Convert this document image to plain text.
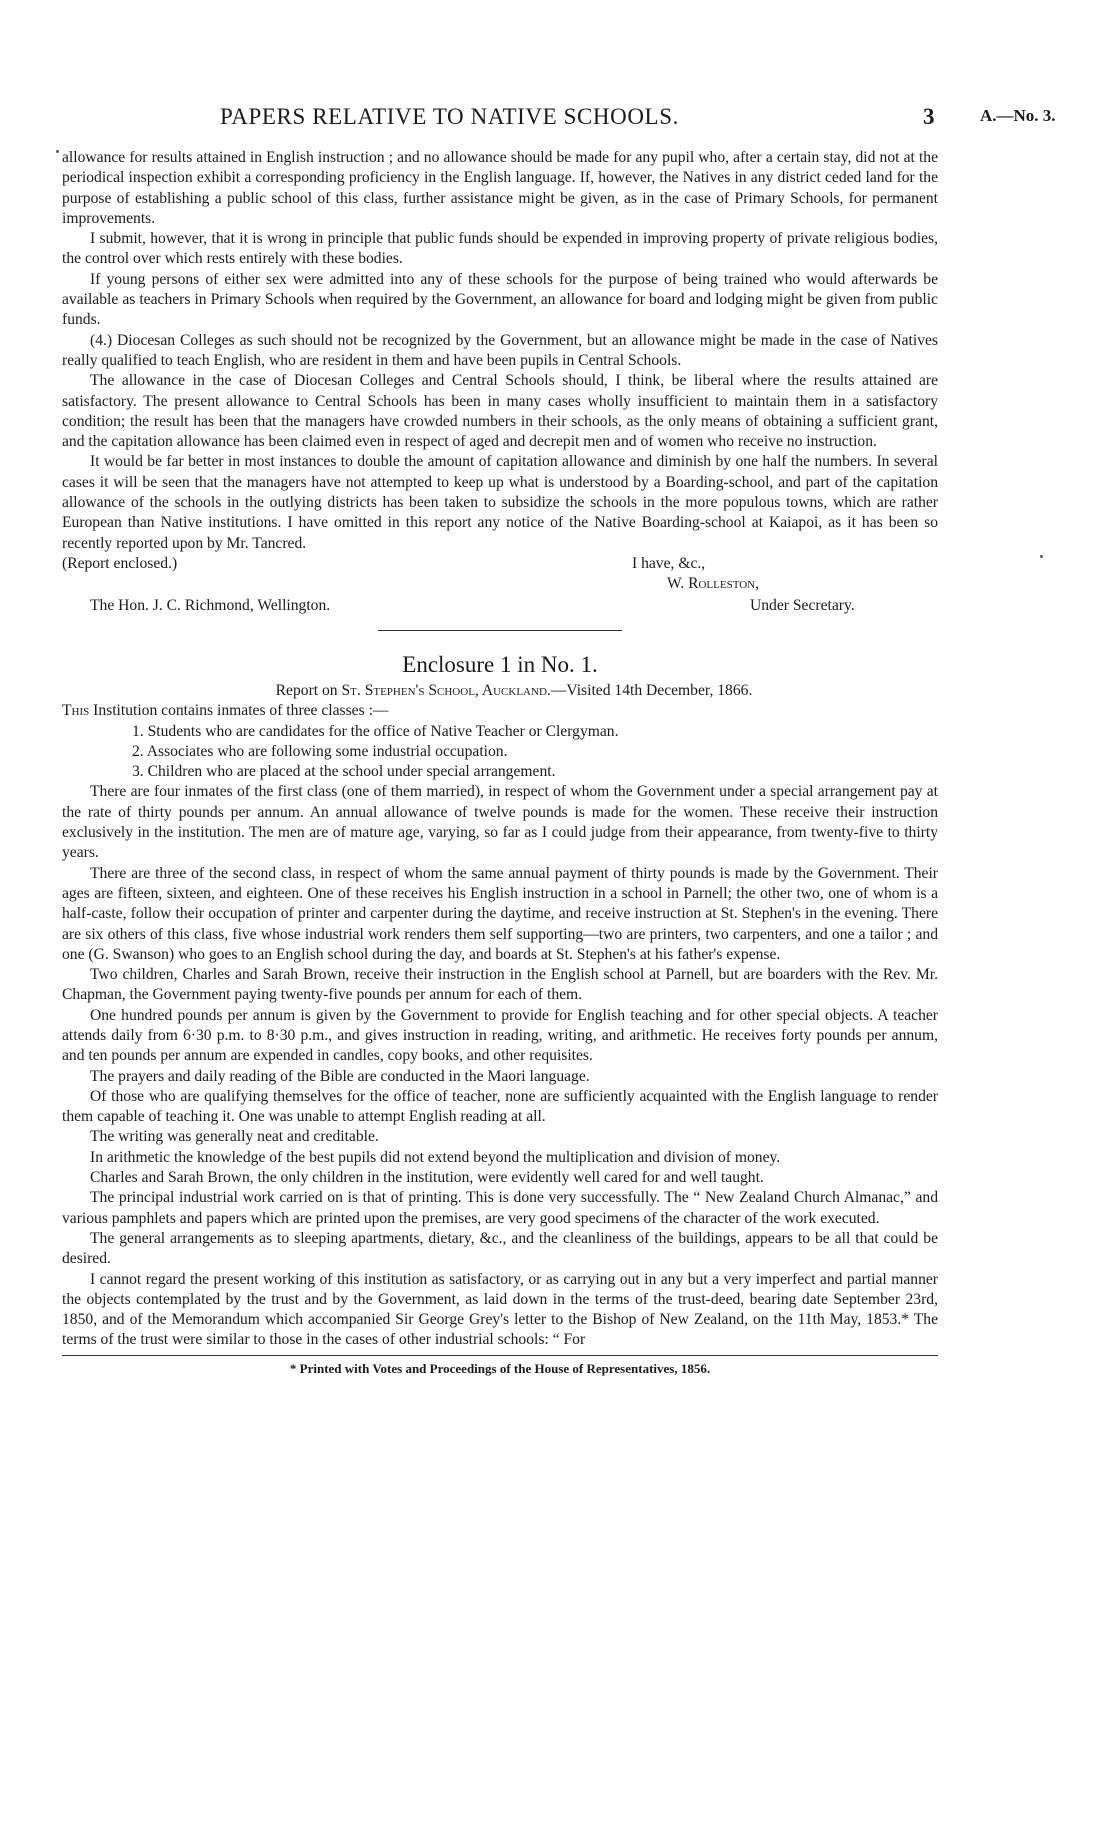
PAPERS RELATIVE TO NATIVE SCHOOLS.	3	A.—No. 3.

allowance for results attained in English instruction ; and no allowance should be made for any pupil who, after a certain stay, did not at the periodical inspection exhibit a corresponding proficiency in the English language. If, however, the Natives in any district ceded land for the purpose of establishing a public school of this class, further assistance might be given, as in the case of Primary Schools, for permanent improvements.

I submit, however, that it is wrong in principle that public funds should be expended in improving property of private religious bodies, the control over which rests entirely with these bodies.

If young persons of either sex were admitted into any of these schools for the purpose of being trained who would afterwards be available as teachers in Primary Schools when required by the Government, an allowance for board and lodging might be given from public funds.

(4.) Diocesan Colleges as such should not be recognized by the Government, but an allowance might be made in the case of Natives really qualified to teach English, who are resident in them and have been pupils in Central Schools.

The allowance in the case of Diocesan Colleges and Central Schools should, I think, be liberal where the results attained are satisfactory. The present allowance to Central Schools has been in many cases wholly insufficient to maintain them in a satisfactory condition; the result has been that the managers have crowded numbers in their schools, as the only means of obtaining a sufficient grant, and the capitation allowance has been claimed even in respect of aged and decrepit men and of women who receive no instruction.

It would be far better in most instances to double the amount of capitation allowance and diminish by one half the numbers. In several cases it will be seen that the managers have not attempted to keep up what is understood by a Boarding-school, and part of the capitation allowance of the schools in the outlying districts has been taken to subsidize the schools in the more populous towns, which are rather European than Native institutions. I have omitted in this report any notice of the Native Boarding-school at Kaiapoi, as it has been so recently reported upon by Mr. Tancred.

(Report enclosed.)	I have, &c.,
W. Rolleston,
The Hon. J. C. Richmond, Wellington.	Under Secretary.
Enclosure 1 in No. 1.

Report on St. Stephen's School, Auckland.—Visited 14th December, 1866.

This Institution contains inmates of three classes :—

1. Students who are candidates for the office of Native Teacher or Clergyman.
2. Associates who are following some industrial occupation.
3. Children who are placed at the school under special arrangement.

There are four inmates of the first class (one of them married), in respect of whom the Government under a special arrangement pay at the rate of thirty pounds per annum. An annual allowance of twelve pounds is made for the women. These receive their instruction exclusively in the institution. The men are of mature age, varying, so far as I could judge from their appearance, from twenty-five to thirty years.

There are three of the second class, in respect of whom the same annual payment of thirty pounds is made by the Government. Their ages are fifteen, sixteen, and eighteen. One of these receives his English instruction in a school in Parnell; the other two, one of whom is a half-caste, follow their occupation of printer and carpenter during the daytime, and receive instruction at St. Stephen's in the evening. There are six others of this class, five whose industrial work renders them self supporting—two are printers, two carpenters, and one a tailor ; and one (G. Swanson) who goes to an English school during the day, and boards at St. Stephen's at his father's expense.

Two children, Charles and Sarah Brown, receive their instruction in the English school at Parnell, but are boarders with the Rev. Mr. Chapman, the Government paying twenty-five pounds per annum for each of them.

One hundred pounds per annum is given by the Government to provide for English teaching and for other special objects. A teacher attends daily from 6·30 p.m. to 8·30 p.m., and gives instruction in reading, writing, and arithmetic. He receives forty pounds per annum, and ten pounds per annum are expended in candles, copy books, and other requisites.

The prayers and daily reading of the Bible are conducted in the Maori language.

Of those who are qualifying themselves for the office of teacher, none are sufficiently acquainted with the English language to render them capable of teaching it. One was unable to attempt English reading at all.

The writing was generally neat and creditable.

In arithmetic the knowledge of the best pupils did not extend beyond the multiplication and division of money.

Charles and Sarah Brown, the only children in the institution, were evidently well cared for and well taught.

The principal industrial work carried on is that of printing. This is done very successfully. The “ New Zealand Church Almanac,” and various pamphlets and papers which are printed upon the premises, are very good specimens of the character of the work executed.

The general arrangements as to sleeping apartments, dietary, &c., and the cleanliness of the buildings, appears to be all that could be desired.

I cannot regard the present working of this institution as satisfactory, or as carrying out in any but a very imperfect and partial manner the objects contemplated by the trust and by the Government, as laid down in the terms of the trust-deed, bearing date September 23rd, 1850, and of the Memorandum which accompanied Sir George Grey's letter to the Bishop of New Zealand, on the 11th May, 1853.* The terms of the trust were similar to those in the cases of other industrial schools: “ For

* Printed with Votes and Proceedings of the House of Representatives, 1856.
